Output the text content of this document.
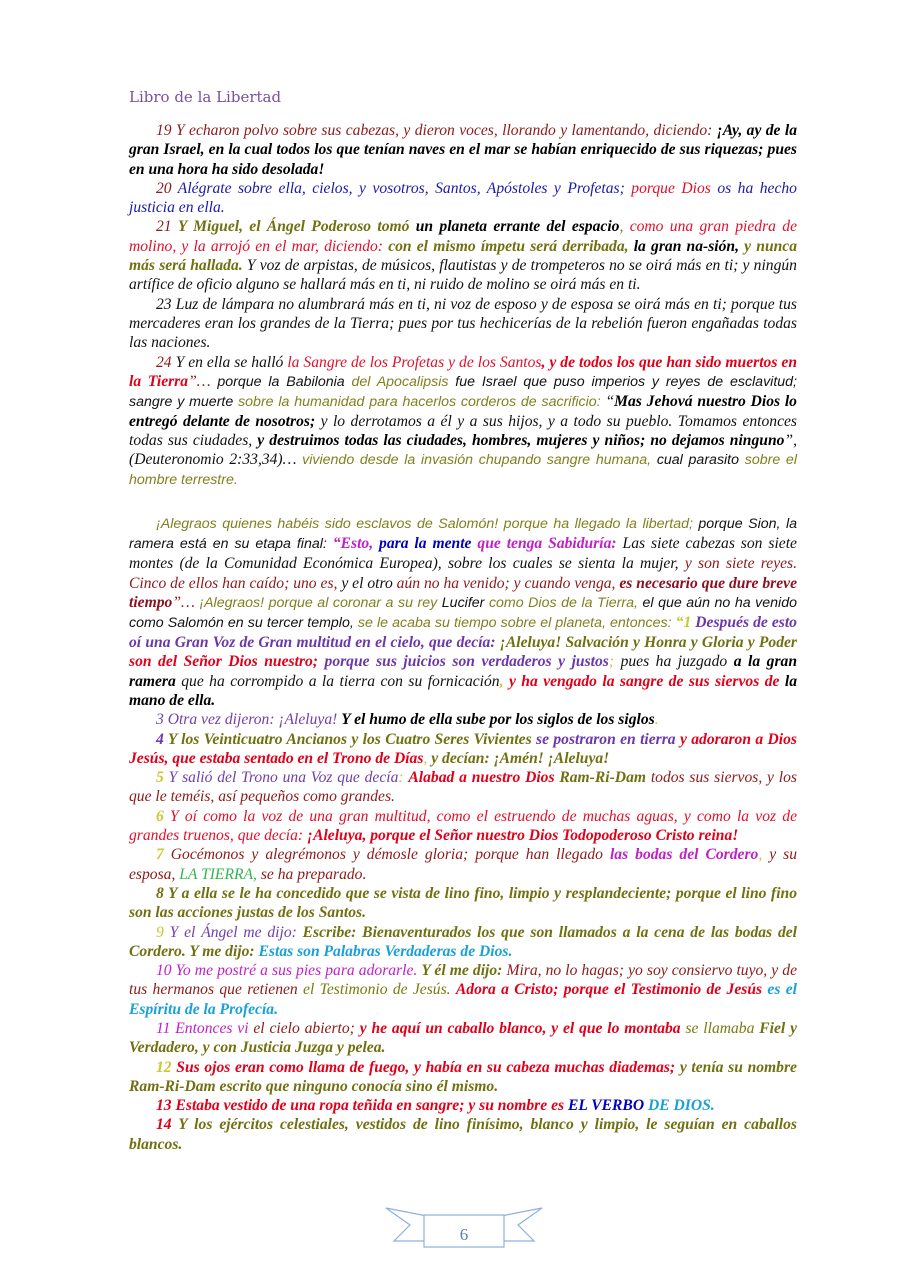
Libro de la Libertad

19 Y echaron polvo sobre sus cabezas, y dieron voces, llorando y lamentando, diciendo: ¡Ay, ay de la gran Israel, en la cual todos los que tenían naves en el mar se habían enriquecido de sus riquezas; pues en una hora ha sido desolada!

20 Alégrate sobre ella, cielos, y vosotros, Santos, Apóstoles y Profetas; porque Dios os ha hecho justicia en ella.

21 Y Miguel, el Ángel Poderoso tomó un planeta errante del espacio, como una gran piedra de molino, y la arrojó en el mar, diciendo: con el mismo ímpetu será derribada, la gran na-sión, y nunca más será hallada. Y voz de arpistas, de músicos, flautistas y de trompeteros no se oirá más en ti; y ningún artífice de oficio alguno se hallará más en ti, ni ruido de molino se oirá más en ti.

23 Luz de lámpara no alumbrará más en ti, ni voz de esposo y de esposa se oirá más en ti; porque tus mercaderes eran los grandes de la Tierra; pues por tus hechicerías de la rebelión fueron engañadas todas las naciones.

24 Y en ella se halló la Sangre de los Profetas y de los Santos, y de todos los que han sido muertos en la Tierra”… porque la Babilonia del Apocalipsis fue Israel que puso imperios y reyes de esclavitud; sangre y muerte sobre la humanidad para hacerlos corderos de sacrificio: “Mas Jehová nuestro Dios lo entregó delante de nosotros; y lo derrotamos a él y a sus hijos, y a todo su pueblo. Tomamos entonces todas sus ciudades, y destruimos todas las ciudades, hombres, mujeres y niños; no dejamos ninguno”, (Deuteronomio 2:33,34)… viviendo desde la invasión chupando sangre humana, cual parasito sobre el hombre terrestre.

¡Alegraos quienes habéis sido esclavos de Salomón! porque ha llegado la libertad; porque Sion, la ramera está en su etapa final: “Esto, para la mente que tenga Sabiduría: Las siete cabezas son siete montes (de la Comunidad Económica Europea), sobre los cuales se sienta la mujer, y son siete reyes. Cinco de ellos han caído; uno es, y el otro aún no ha venido; y cuando venga, es necesario que dure breve tiempo”… ¡Alegraos! porque al coronar a su rey Lucifer como Dios de la Tierra, el que aún no ha venido como Salomón en su tercer templo, se le acaba su tiempo sobre el planeta, entonces: “1 Después de esto oí una Gran Voz de Gran multitud en el cielo, que decía: ¡Aleluya! Salvación y Honra y Gloria y Poder son del Señor Dios nuestro; porque sus juicios son verdaderos y justos; pues ha juzgado a la gran ramera que ha corrompido a la tierra con su fornicación, y ha vengado la sangre de sus siervos de la mano de ella.

3 Otra vez dijeron: ¡Aleluya! Y el humo de ella sube por los siglos de los siglos.

4 Y los Veinticuatro Ancianos y los Cuatro Seres Vivientes se postraron en tierra y adoraron a Dios Jesús, que estaba sentado en el Trono de Días, y decían: ¡Amén! ¡Aleluya!

5 Y salió del Trono una Voz que decía: Alabad a nuestro Dios Ram-Ri-Dam todos sus siervos, y los que le teméis, así pequeños como grandes.

6 Y oí como la voz de una gran multitud, como el estruendo de muchas aguas, y como la voz de grandes truenos, que decía: ¡Aleluya, porque el Señor nuestro Dios Todopoderoso Cristo reina!

7 Gocémonos y alegrémonos y démosle gloria; porque han llegado las bodas del Cordero, y su esposa, LA TIERRA, se ha preparado.

8 Y a ella se le ha concedido que se vista de lino fino, limpio y resplandeciente; porque el lino fino son las acciones justas de los Santos.

9 Y el Ángel me dijo: Escribe: Bienaventurados los que son llamados a la cena de las bodas del Cordero. Y me dijo: Estas son Palabras Verdaderas de Dios.

10 Yo me postré a sus pies para adorarle. Y él me dijo: Mira, no lo hagas; yo soy consiervo tuyo, y de tus hermanos que retienen el Testimonio de Jesús. Adora a Cristo; porque el Testimonio de Jesús es el Espíritu de la Profecía.

11 Entonces vi el cielo abierto; y he aquí un caballo blanco, y el que lo montaba se llamaba Fiel y Verdadero, y con Justicia Juzga y pelea.

12 Sus ojos eran como llama de fuego, y había en su cabeza muchas diademas; y tenía su nombre Ram-Ri-Dam escrito que ninguno conocía sino él mismo.

13 Estaba vestido de una ropa teñida en sangre; y su nombre es EL VERBO DE DIOS.

14 Y los ejércitos celestiales, vestidos de lino finísimo, blanco y limpio, le seguían en caballos blancos.

6
